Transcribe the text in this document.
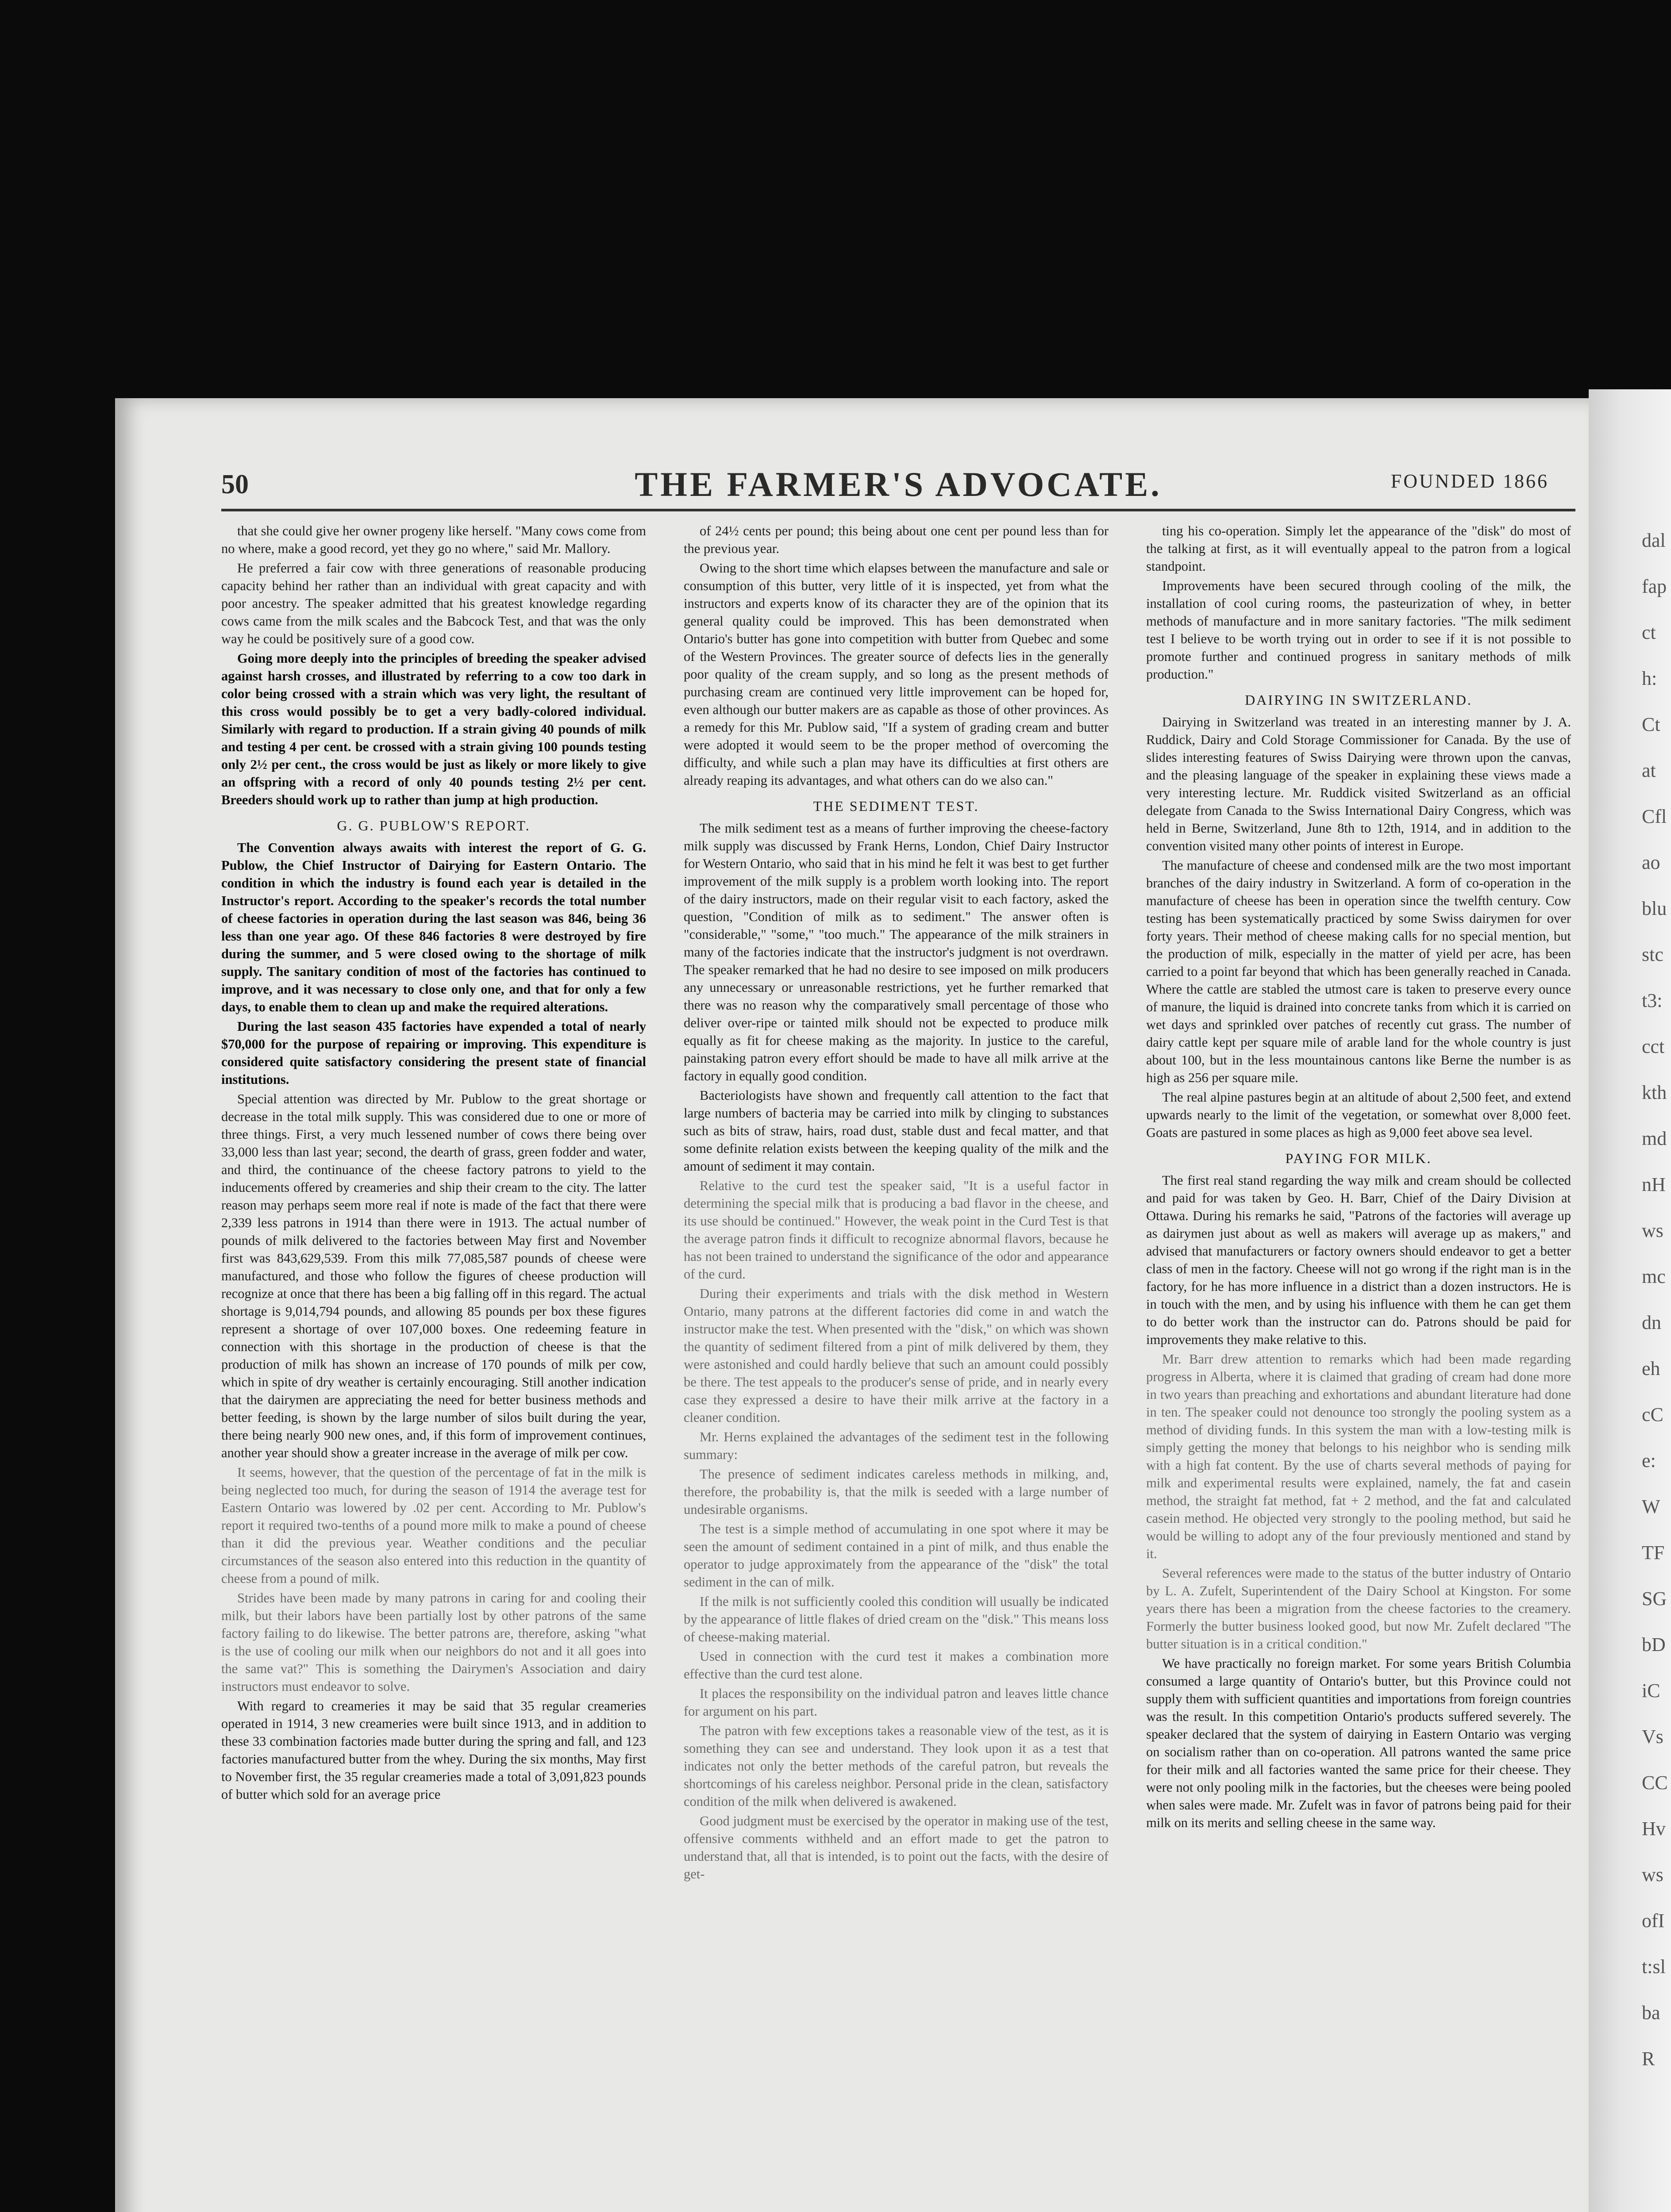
dalfapcth:CtatCflaoblustct3:cctkthmdnHwsmcdnehcCe:WTFSGbDiCVsCCHvwsofIt:slbaR
50	THE FARMER'S ADVOCATE.	FOUNDED 1866

that she could give her owner progeny like herself. "Many cows come from no where, make a good record, yet they go no where," said Mr. Mallory.

He preferred a fair cow with three generations of reasonable producing capacity behind her rather than an individual with great capacity and with poor ancestry. The speaker admitted that his greatest knowledge regarding cows came from the milk scales and the Babcock Test, and that was the only way he could be positively sure of a good cow.

Going more deeply into the principles of breeding the speaker advised against harsh crosses, and illustrated by referring to a cow too dark in color being crossed with a strain which was very light, the resultant of this cross would possibly be to get a very badly-colored individual. Similarly with regard to production. If a strain giving 40 pounds of milk and testing 4 per cent. be crossed with a strain giving 100 pounds testing only 2½ per cent., the cross would be just as likely or more likely to give an offspring with a record of only 40 pounds testing 2½ per cent. Breeders should work up to rather than jump at high production.

G. G. PUBLOW'S REPORT.

The Convention always awaits with interest the report of G. G. Publow, the Chief Instructor of Dairying for Eastern Ontario. The condition in which the industry is found each year is detailed in the Instructor's report. According to the speaker's records the total number of cheese factories in operation during the last season was 846, being 36 less than one year ago. Of these 846 factories 8 were destroyed by fire during the summer, and 5 were closed owing to the shortage of milk supply. The sanitary condition of most of the factories has continued to improve, and it was necessary to close only one, and that for only a few days, to enable them to clean up and make the required alterations.

During the last season 435 factories have expended a total of nearly $70,000 for the purpose of repairing or improving. This expenditure is considered quite satisfactory considering the present state of financial institutions.

Special attention was directed by Mr. Publow to the great shortage or decrease in the total milk supply. This was considered due to one or more of three things. First, a very much lessened number of cows there being over 33,000 less than last year; second, the dearth of grass, green fodder and water, and third, the continuance of the cheese factory patrons to yield to the inducements offered by creameries and ship their cream to the city. The latter reason may perhaps seem more real if note is made of the fact that there were 2,339 less patrons in 1914 than there were in 1913. The actual number of pounds of milk delivered to the factories between May first and November first was 843,629,539. From this milk 77,085,587 pounds of cheese were manufactured, and those who follow the figures of cheese production will recognize at once that there has been a big falling off in this regard. The actual shortage is 9,014,794 pounds, and allowing 85 pounds per box these figures represent a shortage of over 107,000 boxes. One redeeming feature in connection with this shortage in the production of cheese is that the production of milk has shown an increase of 170 pounds of milk per cow, which in spite of dry weather is certainly encouraging. Still another indication that the dairymen are appreciating the need for better business methods and better feeding, is shown by the large number of silos built during the year, there being nearly 900 new ones, and, if this form of improvement continues, another year should show a greater increase in the average of milk per cow.

It seems, however, that the question of the percentage of fat in the milk is being neglected too much, for during the season of 1914 the average test for Eastern Ontario was lowered by .02 per cent. According to Mr. Publow's report it required two-tenths of a pound more milk to make a pound of cheese than it did the previous year. Weather conditions and the peculiar circumstances of the season also entered into this reduction in the quantity of cheese from a pound of milk.

Strides have been made by many patrons in caring for and cooling their milk, but their labors have been partially lost by other patrons of the same factory failing to do likewise. The better patrons are, therefore, asking "what is the use of cooling our milk when our neighbors do not and it all goes into the same vat?" This is something the Dairymen's Association and dairy instructors must endeavor to solve.

With regard to creameries it may be said that 35 regular creameries operated in 1914, 3 new creameries were built since 1913, and in addition to these 33 combination factories made butter during the spring and fall, and 123 factories manufactured butter from the whey. During the six months, May first to November first, the 35 regular creameries made a total of 3,091,823 pounds of butter which sold for an average price

of 24½ cents per pound; this being about one cent per pound less than for the previous year.

Owing to the short time which elapses between the manufacture and sale or consumption of this butter, very little of it is inspected, yet from what the instructors and experts know of its character they are of the opinion that its general quality could be improved. This has been demonstrated when Ontario's butter has gone into competition with butter from Quebec and some of the Western Provinces. The greater source of defects lies in the generally poor quality of the cream supply, and so long as the present methods of purchasing cream are continued very little improvement can be hoped for, even although our butter makers are as capable as those of other provinces. As a remedy for this Mr. Publow said, "If a system of grading cream and butter were adopted it would seem to be the proper method of overcoming the difficulty, and while such a plan may have its difficulties at first others are already reaping its advantages, and what others can do we also can."

THE SEDIMENT TEST.

The milk sediment test as a means of further improving the cheese-factory milk supply was discussed by Frank Herns, London, Chief Dairy Instructor for Western Ontario, who said that in his mind he felt it was best to get further improvement of the milk supply is a problem worth looking into. The report of the dairy instructors, made on their regular visit to each factory, asked the question, "Condition of milk as to sediment." The answer often is "considerable," "some," "too much." The appearance of the milk strainers in many of the factories indicate that the instructor's judgment is not overdrawn. The speaker remarked that he had no desire to see imposed on milk producers any unnecessary or unreasonable restrictions, yet he further remarked that there was no reason why the comparatively small percentage of those who deliver over-ripe or tainted milk should not be expected to produce milk equally as fit for cheese making as the majority. In justice to the careful, painstaking patron every effort should be made to have all milk arrive at the factory in equally good condition.

Bacteriologists have shown and frequently call attention to the fact that large numbers of bacteria may be carried into milk by clinging to substances such as bits of straw, hairs, road dust, stable dust and fecal matter, and that some definite relation exists between the keeping quality of the milk and the amount of sediment it may contain.

Relative to the curd test the speaker said, "It is a useful factor in determining the special milk that is producing a bad flavor in the cheese, and its use should be continued." However, the weak point in the Curd Test is that the average patron finds it difficult to recognize abnormal flavors, because he has not been trained to understand the significance of the odor and appearance of the curd.

During their experiments and trials with the disk method in Western Ontario, many patrons at the different factories did come in and watch the instructor make the test. When presented with the "disk," on which was shown the quantity of sediment filtered from a pint of milk delivered by them, they were astonished and could hardly believe that such an amount could possibly be there. The test appeals to the producer's sense of pride, and in nearly every case they expressed a desire to have their milk arrive at the factory in a cleaner condition.

Mr. Herns explained the advantages of the sediment test in the following summary:

The presence of sediment indicates careless methods in milking, and, therefore, the probability is, that the milk is seeded with a large number of undesirable organisms.

The test is a simple method of accumulating in one spot where it may be seen the amount of sediment contained in a pint of milk, and thus enable the operator to judge approximately from the appearance of the "disk" the total sediment in the can of milk.

If the milk is not sufficiently cooled this condition will usually be indicated by the appearance of little flakes of dried cream on the "disk." This means loss of cheese-making material.

Used in connection with the curd test it makes a combination more effective than the curd test alone.

It places the responsibility on the individual patron and leaves little chance for argument on his part.

The patron with few exceptions takes a reasonable view of the test, as it is something they can see and understand. They look upon it as a test that indicates not only the better methods of the careful patron, but reveals the shortcomings of his careless neighbor. Personal pride in the clean, satisfactory condition of the milk when delivered is awakened.

Good judgment must be exercised by the operator in making use of the test, offensive comments withheld and an effort made to get the patron to understand that, all that is intended, is to point out the facts, with the desire of get-

ting his co-operation. Simply let the appearance of the "disk" do most of the talking at first, as it will eventually appeal to the patron from a logical standpoint.

Improvements have been secured through cooling of the milk, the installation of cool curing rooms, the pasteurization of whey, in better methods of manufacture and in more sanitary factories. "The milk sediment test I believe to be worth trying out in order to see if it is not possible to promote further and continued progress in sanitary methods of milk production."

DAIRYING IN SWITZERLAND.

Dairying in Switzerland was treated in an interesting manner by J. A. Ruddick, Dairy and Cold Storage Commissioner for Canada. By the use of slides interesting features of Swiss Dairying were thrown upon the canvas, and the pleasing language of the speaker in explaining these views made a very interesting lecture. Mr. Ruddick visited Switzerland as an official delegate from Canada to the Swiss International Dairy Congress, which was held in Berne, Switzerland, June 8th to 12th, 1914, and in addition to the convention visited many other points of interest in Europe.

The manufacture of cheese and condensed milk are the two most important branches of the dairy industry in Switzerland. A form of co-operation in the manufacture of cheese has been in operation since the twelfth century. Cow testing has been systematically practiced by some Swiss dairymen for over forty years. Their method of cheese making calls for no special mention, but the production of milk, especially in the matter of yield per acre, has been carried to a point far beyond that which has been generally reached in Canada. Where the cattle are stabled the utmost care is taken to preserve every ounce of manure, the liquid is drained into concrete tanks from which it is carried on wet days and sprinkled over patches of recently cut grass. The number of dairy cattle kept per square mile of arable land for the whole country is just about 100, but in the less mountainous cantons like Berne the number is as high as 256 per square mile.

The real alpine pastures begin at an altitude of about 2,500 feet, and extend upwards nearly to the limit of the vegetation, or somewhat over 8,000 feet. Goats are pastured in some places as high as 9,000 feet above sea level.

PAYING FOR MILK.

The first real stand regarding the way milk and cream should be collected and paid for was taken by Geo. H. Barr, Chief of the Dairy Division at Ottawa. During his remarks he said, "Patrons of the factories will average up as dairymen just about as well as makers will average up as makers," and advised that manufacturers or factory owners should endeavor to get a better class of men in the factory. Cheese will not go wrong if the right man is in the factory, for he has more influence in a district than a dozen instructors. He is in touch with the men, and by using his influence with them he can get them to do better work than the instructor can do. Patrons should be paid for improvements they make relative to this.

Mr. Barr drew attention to remarks which had been made regarding progress in Alberta, where it is claimed that grading of cream had done more in two years than preaching and exhortations and abundant literature had done in ten. The speaker could not denounce too strongly the pooling system as a method of dividing funds. In this system the man with a low-testing milk is simply getting the money that belongs to his neighbor who is sending milk with a high fat content. By the use of charts several methods of paying for milk and experimental results were explained, namely, the fat and casein method, the straight fat method, fat + 2 method, and the fat and calculated casein method. He objected very strongly to the pooling method, but said he would be willing to adopt any of the four previously mentioned and stand by it.

Several references were made to the status of the butter industry of Ontario by L. A. Zufelt, Superintendent of the Dairy School at Kingston. For some years there has been a migration from the cheese factories to the creamery. Formerly the butter business looked good, but now Mr. Zufelt declared "The butter situation is in a critical condition."

We have practically no foreign market. For some years British Columbia consumed a large quantity of Ontario's butter, but this Province could not supply them with sufficient quantities and importations from foreign countries was the result. In this competition Ontario's products suffered severely. The speaker declared that the system of dairying in Eastern Ontario was verging on socialism rather than on co-operation. All patrons wanted the same price for their milk and all factories wanted the same price for their cheese. They were not only pooling milk in the factories, but the cheeses were being pooled when sales were made. Mr. Zufelt was in favor of patrons being paid for their milk on its merits and selling cheese in the same way.
